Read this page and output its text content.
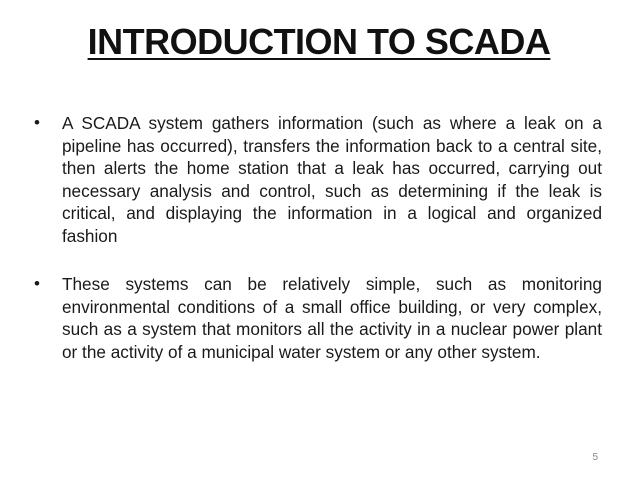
INTRODUCTION TO SCADA
•	A SCADA system gathers information (such as where a leak on a pipeline has occurred), transfers the information back to a central site, then alerts the home station that a leak has occurred, carrying out necessary analysis and control, such as determining if the leak is critical, and displaying the information in a logical and organized fashion
•	These systems can be relatively simple, such as monitoring environmental conditions of a small office building, or very complex, such as a system that monitors all the activity in a nuclear power plant or the activity of a municipal water system or any other system.
5
